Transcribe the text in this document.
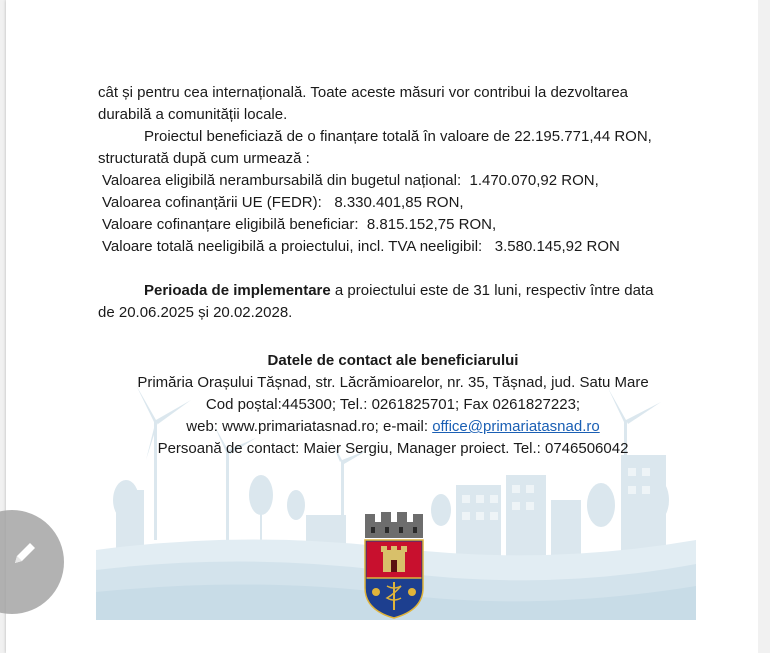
cât și pentru cea internațională. Toate aceste măsuri vor contribui la dezvoltarea

durabilă a comunității locale.

Proiectul beneficiază de o finanțare totală în valoare de 22.195.771,44 RON,

structurată după cum urmează :

Valoarea eligibilă nerambursabilă din bugetul național: 1.470.070,92 RON,

Valoarea cofinanțării UE (FEDR): 8.330.401,85 RON,

Valoare cofinanțare eligibilă beneficiar: 8.815.152,75 RON,

Valoare totală neeligibilă a proiectului, incl. TVA neeligibil: 3.580.145,92 RON

Perioada de implementare a proiectului este de 31 luni, respectiv între data

de 20.06.2025 și 20.02.2028.

Datele de contact ale beneficiarului

Primăria Orașului Tășnad, str. Lăcrămioarelor, nr. 35, Tășnad, jud. Satu Mare

Cod poștal:445300; Tel.: 0261825701; Fax 0261827223;

web: www.primariatasnad.ro; e-mail: office@primariatasnad.ro

Persoană de contact: Maier Sergiu, Manager proiect. Tel.: 0746506042
